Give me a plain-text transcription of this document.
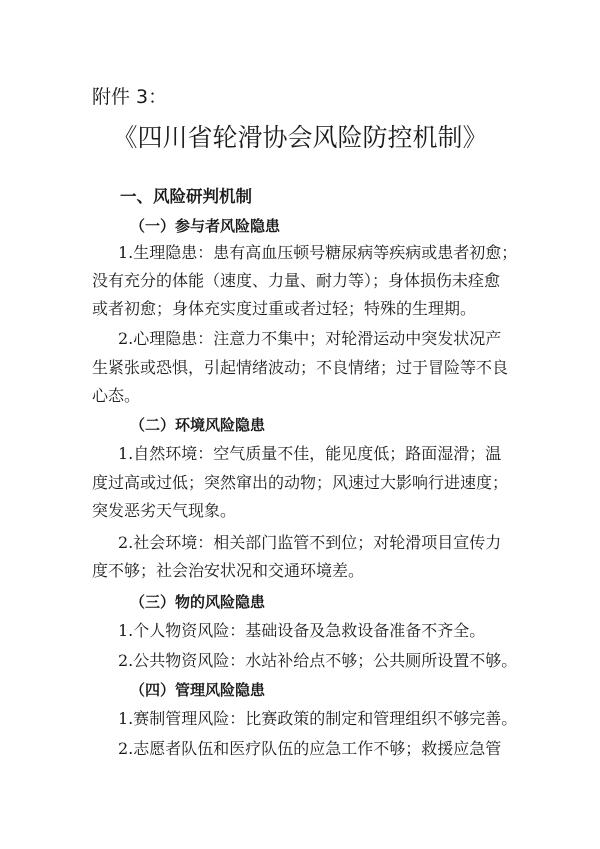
附件 3：
《四川省轮滑协会风险防控机制》
一、风险研判机制
（一）参与者风险隐患
1.生理隐患：患有高血压顿号糖尿病等疾病或患者初愈；
没有充分的体能（速度、力量、耐力等）；身体损伤未痊愈
或者初愈；身体充实度过重或者过轻；特殊的生理期。
2.心理隐患：注意力不集中；对轮滑运动中突发状况产
生紧张或恐惧，引起情绪波动；不良情绪；过于冒险等不良
心态。
（二）环境风险隐患
1.自然环境：空气质量不佳，能见度低；路面湿滑；温
度过高或过低；突然窜出的动物；风速过大影响行进速度；
突发恶劣天气现象。
2.社会环境：相关部门监管不到位；对轮滑项目宣传力
度不够；社会治安状况和交通环境差。
（三）物的风险隐患
1.个人物资风险：基础设备及急救设备准备不齐全。
2.公共物资风险：水站补给点不够；公共厕所设置不够。
（四）管理风险隐患
1.赛制管理风险：比赛政策的制定和管理组织不够完善。
2.志愿者队伍和医疗队伍的应急工作不够；救援应急管
